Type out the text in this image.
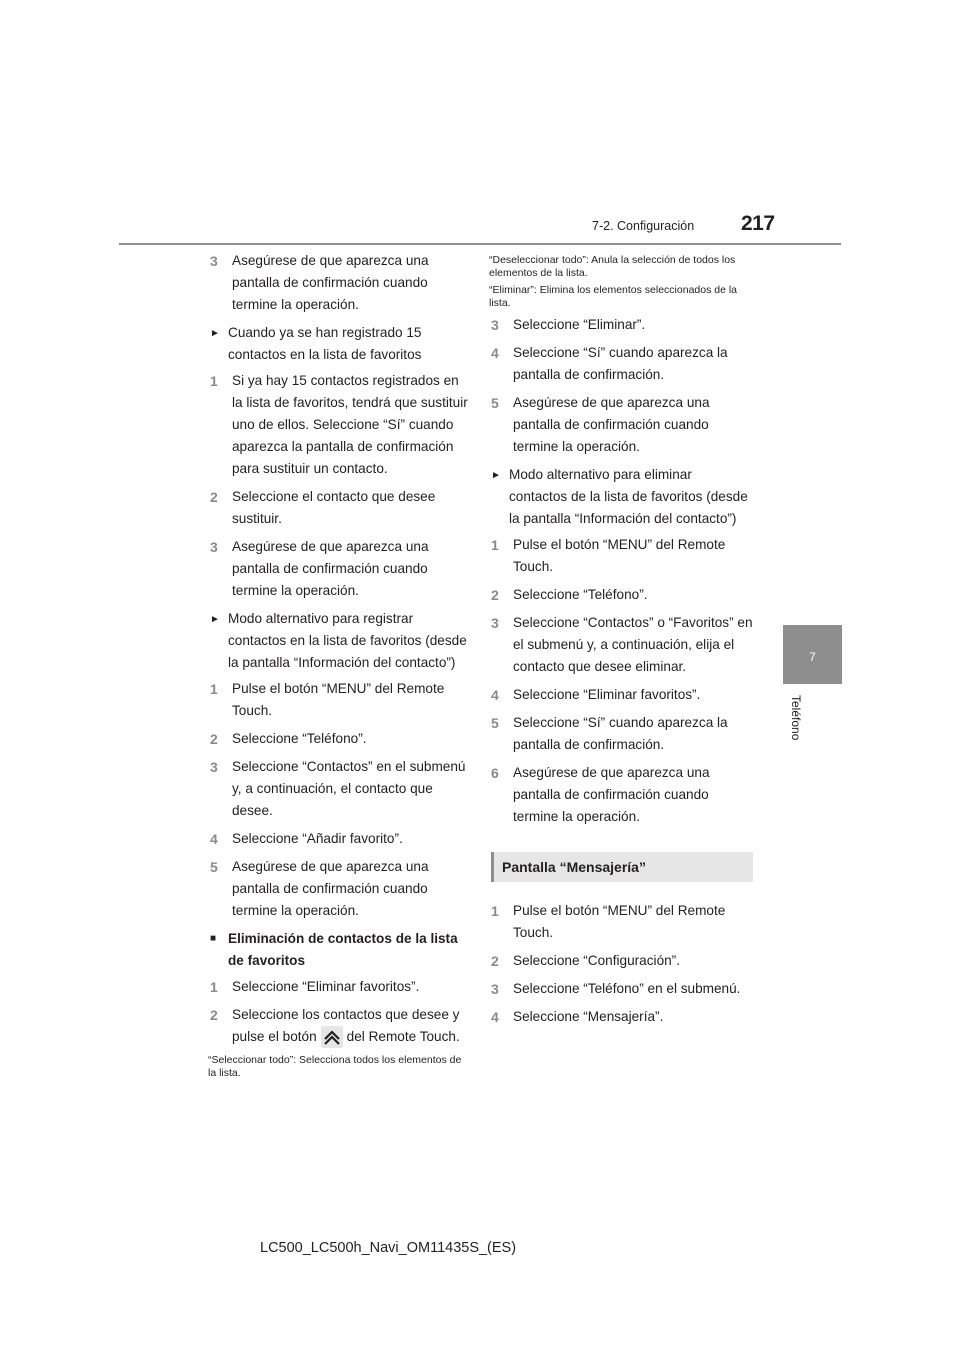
7-2. Configuración 217
7
Teléfono
3	Asegúrese de que aparezca una pantalla de confirmación cuando termine la operación.
► Cuando ya se han registrado 15 contactos en la lista de favoritos
1	Si ya hay 15 contactos registrados en la lista de favoritos, tendrá que sustituir uno de ellos. Seleccione “Sí” cuando aparezca la pantalla de confirmación para sustituir un contacto.
2	Seleccione el contacto que desee sustituir.
3	Asegúrese de que aparezca una pantalla de confirmación cuando termine la operación.
► Modo alternativo para registrar contactos en la lista de favoritos (desde la pantalla “Información del contacto”)
1	Pulse el botón “MENU” del Remote Touch.
2	Seleccione “Teléfono”.
3	Seleccione “Contactos” en el submenú y, a continuación, el contacto que desee.
4	Seleccione “Añadir favorito”.
5	Asegúrese de que aparezca una pantalla de confirmación cuando termine la operación.
■ Eliminación de contactos de la lista de favoritos
1	Seleccione “Eliminar favoritos”.
2	Seleccione los contactos que desee y pulse el botón del Remote Touch.
“Seleccionar todo”: Selecciona todos los elementos de la lista.
“Deseleccionar todo”: Anula la selección de todos los elementos de la lista.
“Eliminar”: Elimina los elementos seleccionados de la lista.
3	Seleccione “Eliminar”.
4	Seleccione “Sí” cuando aparezca la pantalla de confirmación.
5	Asegúrese de que aparezca una pantalla de confirmación cuando termine la operación.
► Modo alternativo para eliminar contactos de la lista de favoritos (desde la pantalla “Información del contacto”)
1	Pulse el botón “MENU” del Remote Touch.
2	Seleccione “Teléfono”.
3	Seleccione “Contactos” o “Favoritos” en el submenú y, a continuación, elija el contacto que desee eliminar.
4	Seleccione “Eliminar favoritos”.
5	Seleccione “Sí” cuando aparezca la pantalla de confirmación.
6	Asegúrese de que aparezca una pantalla de confirmación cuando termine la operación.
Pantalla “Mensajería”
1	Pulse el botón “MENU” del Remote Touch.
2	Seleccione “Configuración”.
3	Seleccione “Teléfono” en el submenú.
4	Seleccione “Mensajería”.
LC500_LC500h_Navi_OM11435S_(ES)
